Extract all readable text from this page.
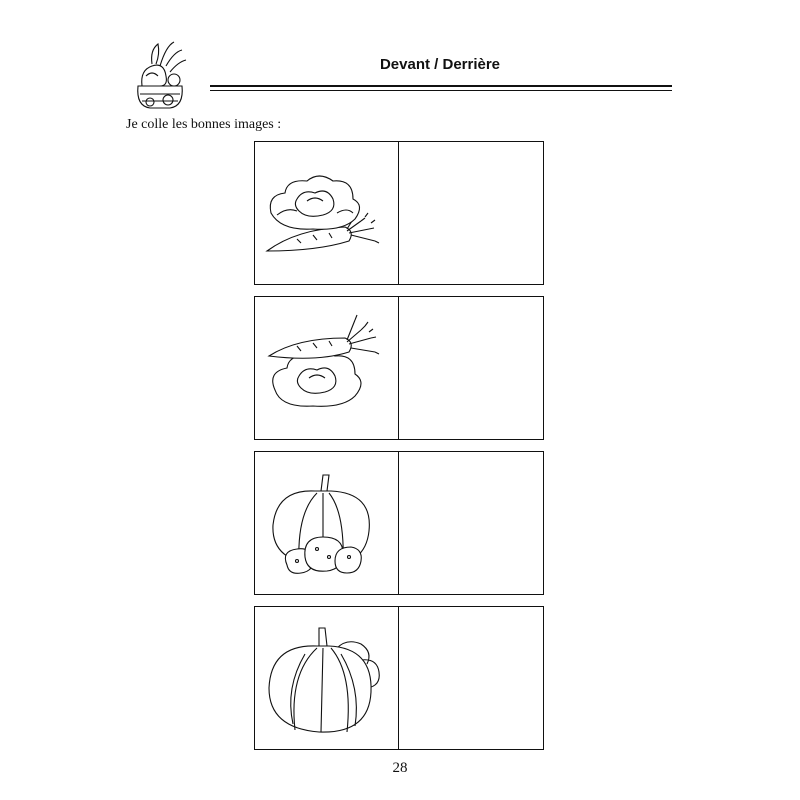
Devant / Derrière
Je colle les bonnes images :
28
